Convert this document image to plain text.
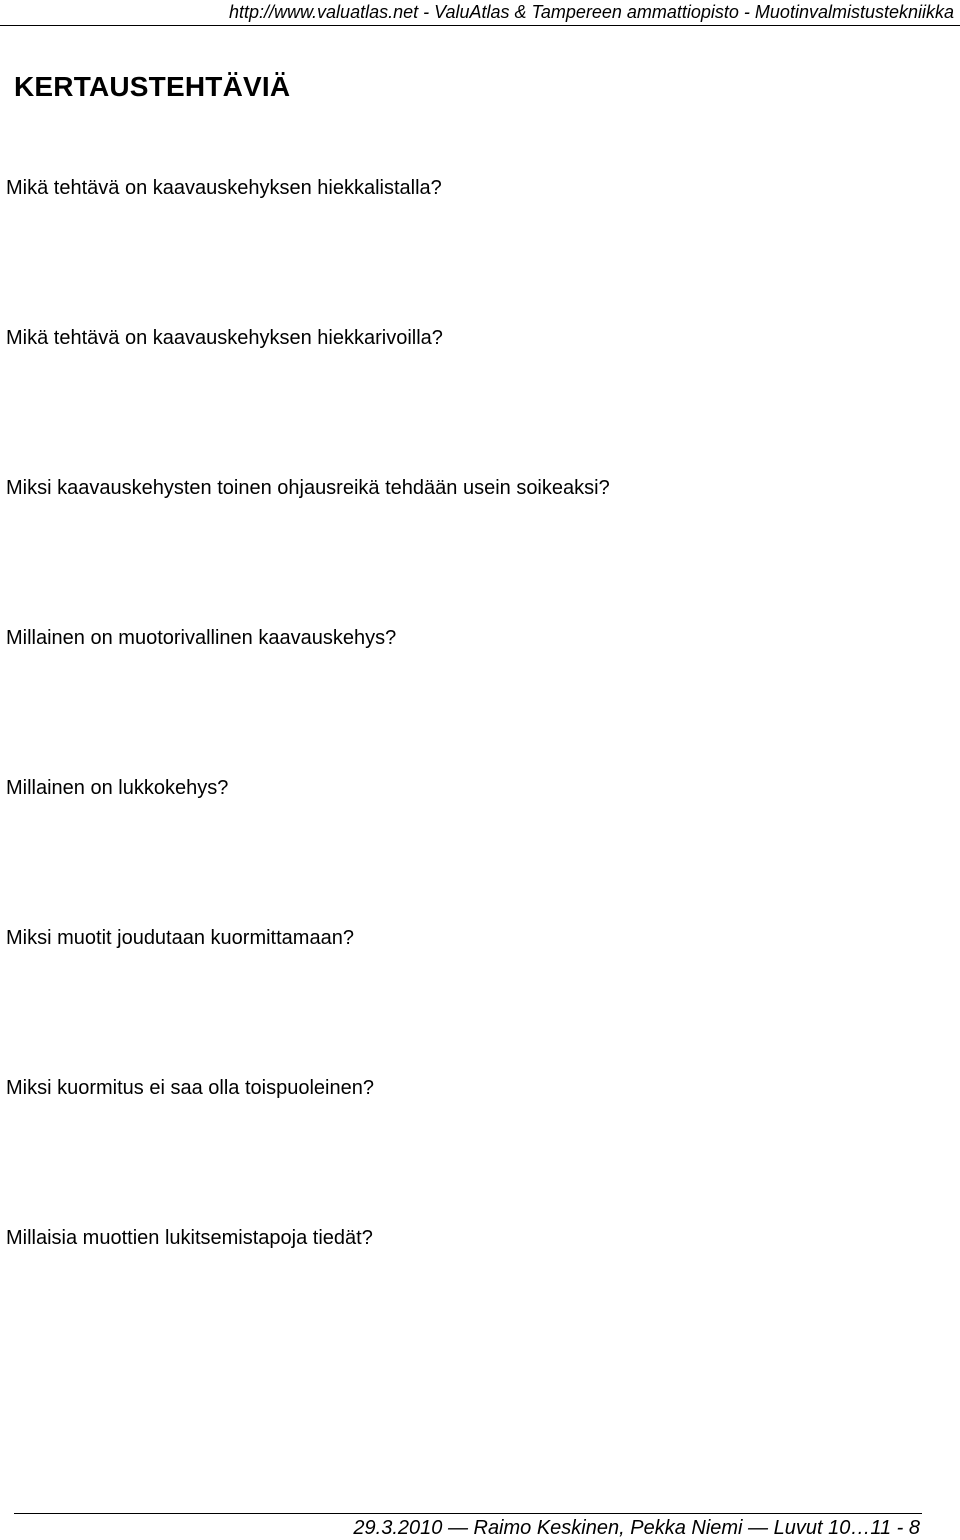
http://www.valuatlas.net - ValuAtlas & Tampereen ammattiopisto - Muotinvalmistustekniikka
KERTAUSTEHTÄVIÄ
Mikä tehtävä on kaavauskehyksen hiekkalistalla?
Mikä tehtävä on kaavauskehyksen hiekkarivoilla?
Miksi kaavauskehysten toinen ohjausreikä tehdään usein soikeaksi?
Millainen on muotorivallinen kaavauskehys?
Millainen on lukkokehys?
Miksi muotit joudutaan kuormittamaan?
Miksi kuormitus ei saa olla toispuoleinen?
Millaisia muottien lukitsemistapoja tiedät?
29.3.2010 — Raimo Keskinen, Pekka Niemi — Luvut 10…11 - 8
